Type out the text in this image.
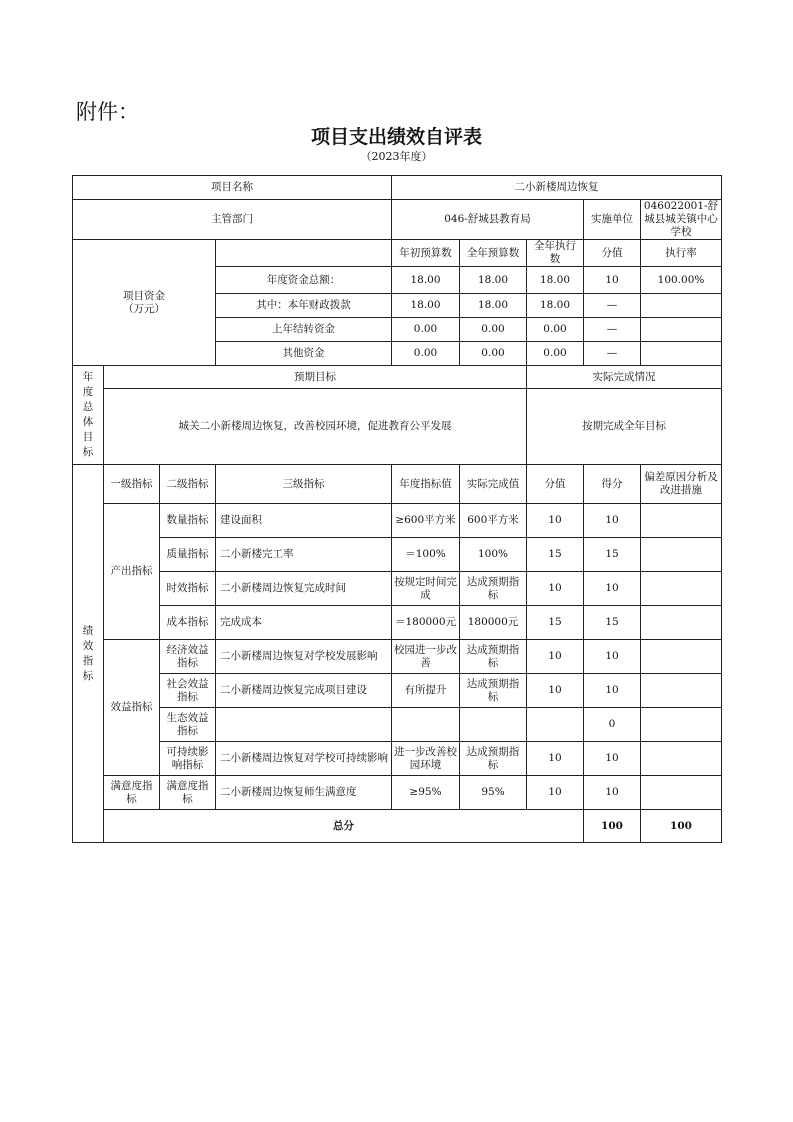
附件：
项目支出绩效自评表
（2023年度）
项目名称				二小新楼周边恢复					
主管部门				046-舒城县教育局			实施单位	046022001-舒城县城关镇中心学校	
项目资金
（万元）				年初预算数	全年预算数	全年执行数	分值	执行率	
			年度资金总额：	18.00	18.00	18.00	10	100.00%	
			其中：本年财政拨款	18.00	18.00	18.00	—		
			上年结转资金	0.00	0.00	0.00	—		
			其他资金	0.00	0.00	0.00	—		
年度总体目标	预期目标					实际完成情况			
	城关二小新楼周边恢复，改善校园环境，促进教育公平发展					按期完成全年目标			
绩效指标	一级指标	二级指标	三级指标	年度指标值	实际完成值	分值	得分	偏差原因分析及改进措施	
	产出指标	数量指标	建设面积	≥600平方米	600平方米	10	10		
		质量指标	二小新楼完工率	＝100%	100%	15	15		
		时效指标	二小新楼周边恢复完成时间	按规定时间完成	达成预期指标	10	10		
		成本指标	完成成本	＝180000元	180000元	15	15		
	效益指标	经济效益指标	二小新楼周边恢复对学校发展影响	校园进一步改善	达成预期指标	10	10		
		社会效益指标	二小新楼周边恢复完成项目建设	有所提升	达成预期指标	10	10		
		生态效益指标					0		
		可持续影响指标	二小新楼周边恢复对学校可持续影响	进一步改善校园环境	达成预期指标	10	10		
	满意度指标	满意度指标	二小新楼周边恢复师生满意度	≥95%	95%	10	10		
	总分						100	100	
